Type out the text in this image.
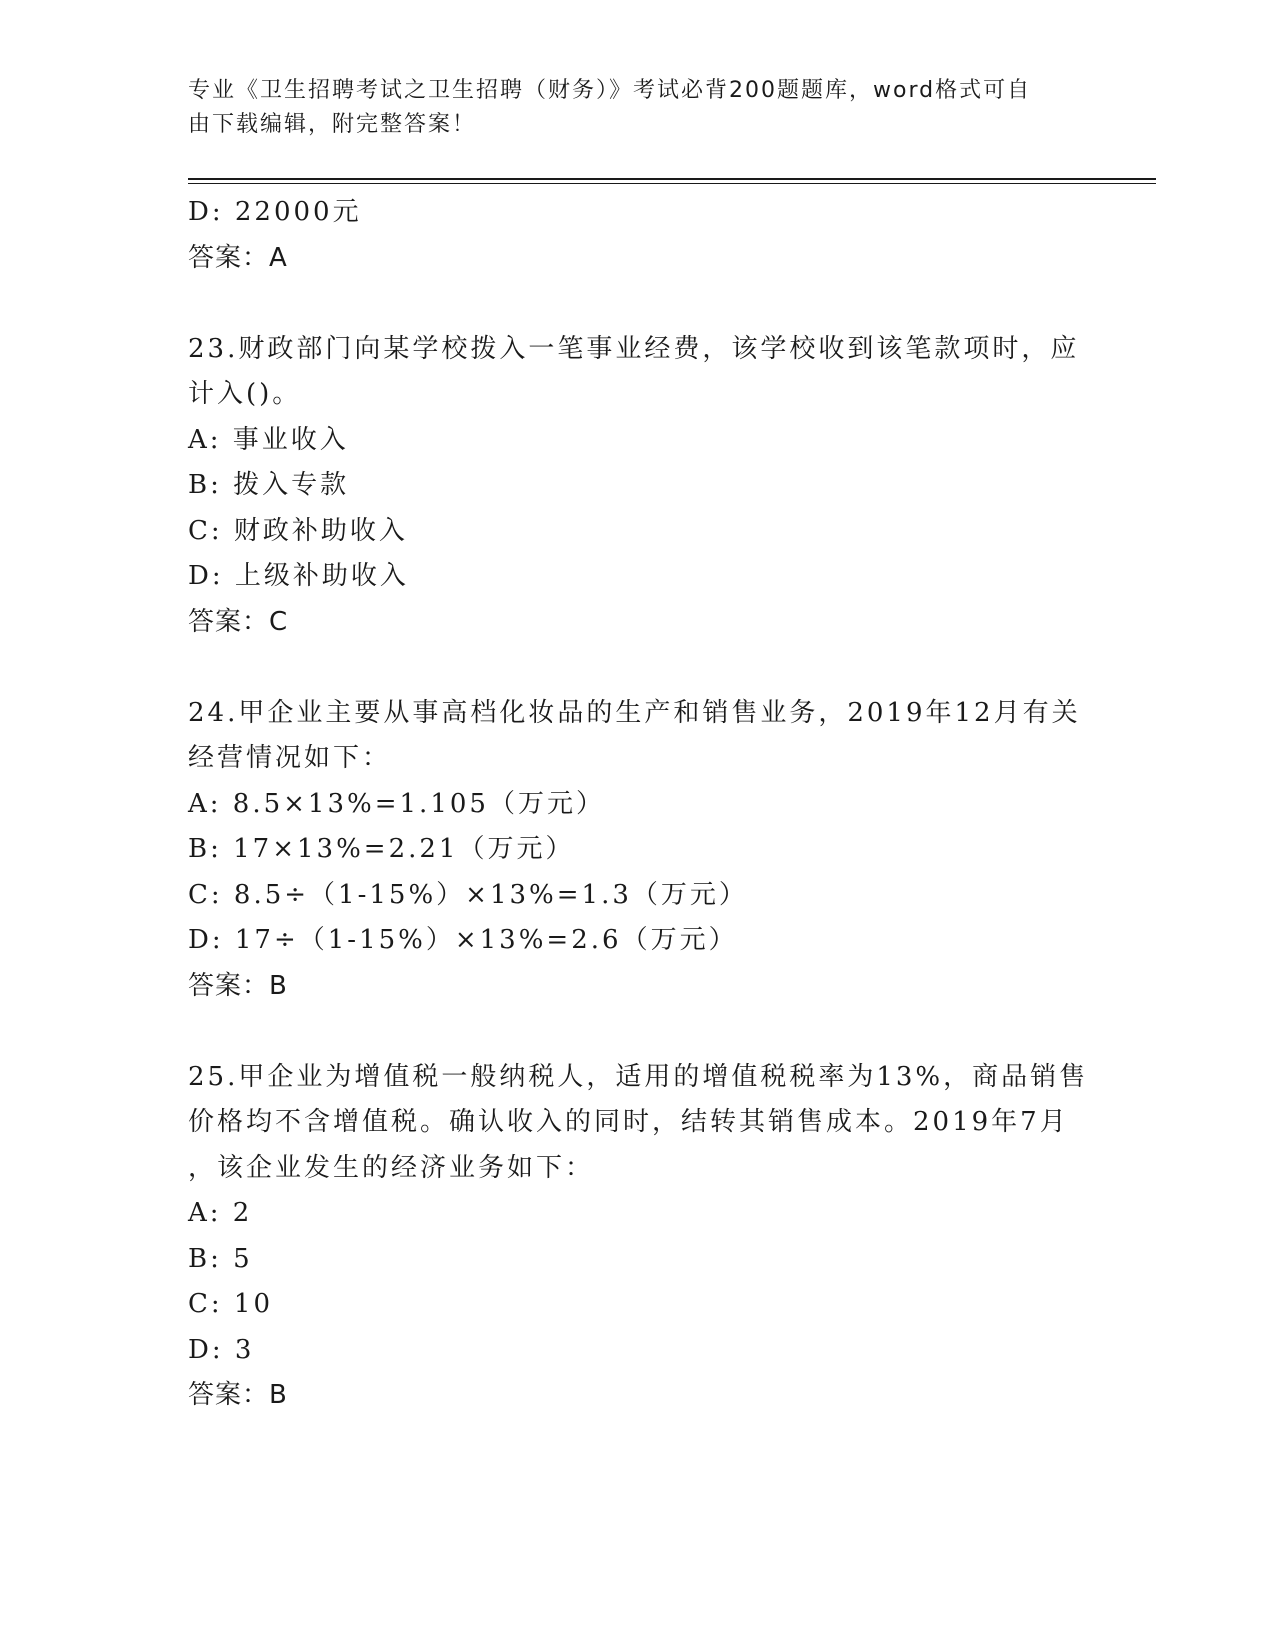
专业《卫生招聘考试之卫生招聘（财务）》考试必背200题题库，word格式可自
由下载编辑，附完整答案！

D: 22000元

答案：A

23.财政部门向某学校拨入一笔事业经费，该学校收到该笔款项时，应

计入()。

A: 事业收入

B: 拨入专款

C: 财政补助收入

D: 上级补助收入

答案：C

24.甲企业主要从事高档化妆品的生产和销售业务，2019年12月有关

经营情况如下：

A: 8.5×13%=1.105（万元）

B: 17×13%=2.21（万元）

C: 8.5÷（1-15%）×13%=1.3（万元）

D: 17÷（1-15%）×13%=2.6（万元）

答案：B

25.甲企业为增值税一般纳税人，适用的增值税税率为13%，商品销售

价格均不含增值税。确认收入的同时，结转其销售成本。2019年7月

，该企业发生的经济业务如下：

A: 2

B: 5

C: 10

D: 3

答案：B
